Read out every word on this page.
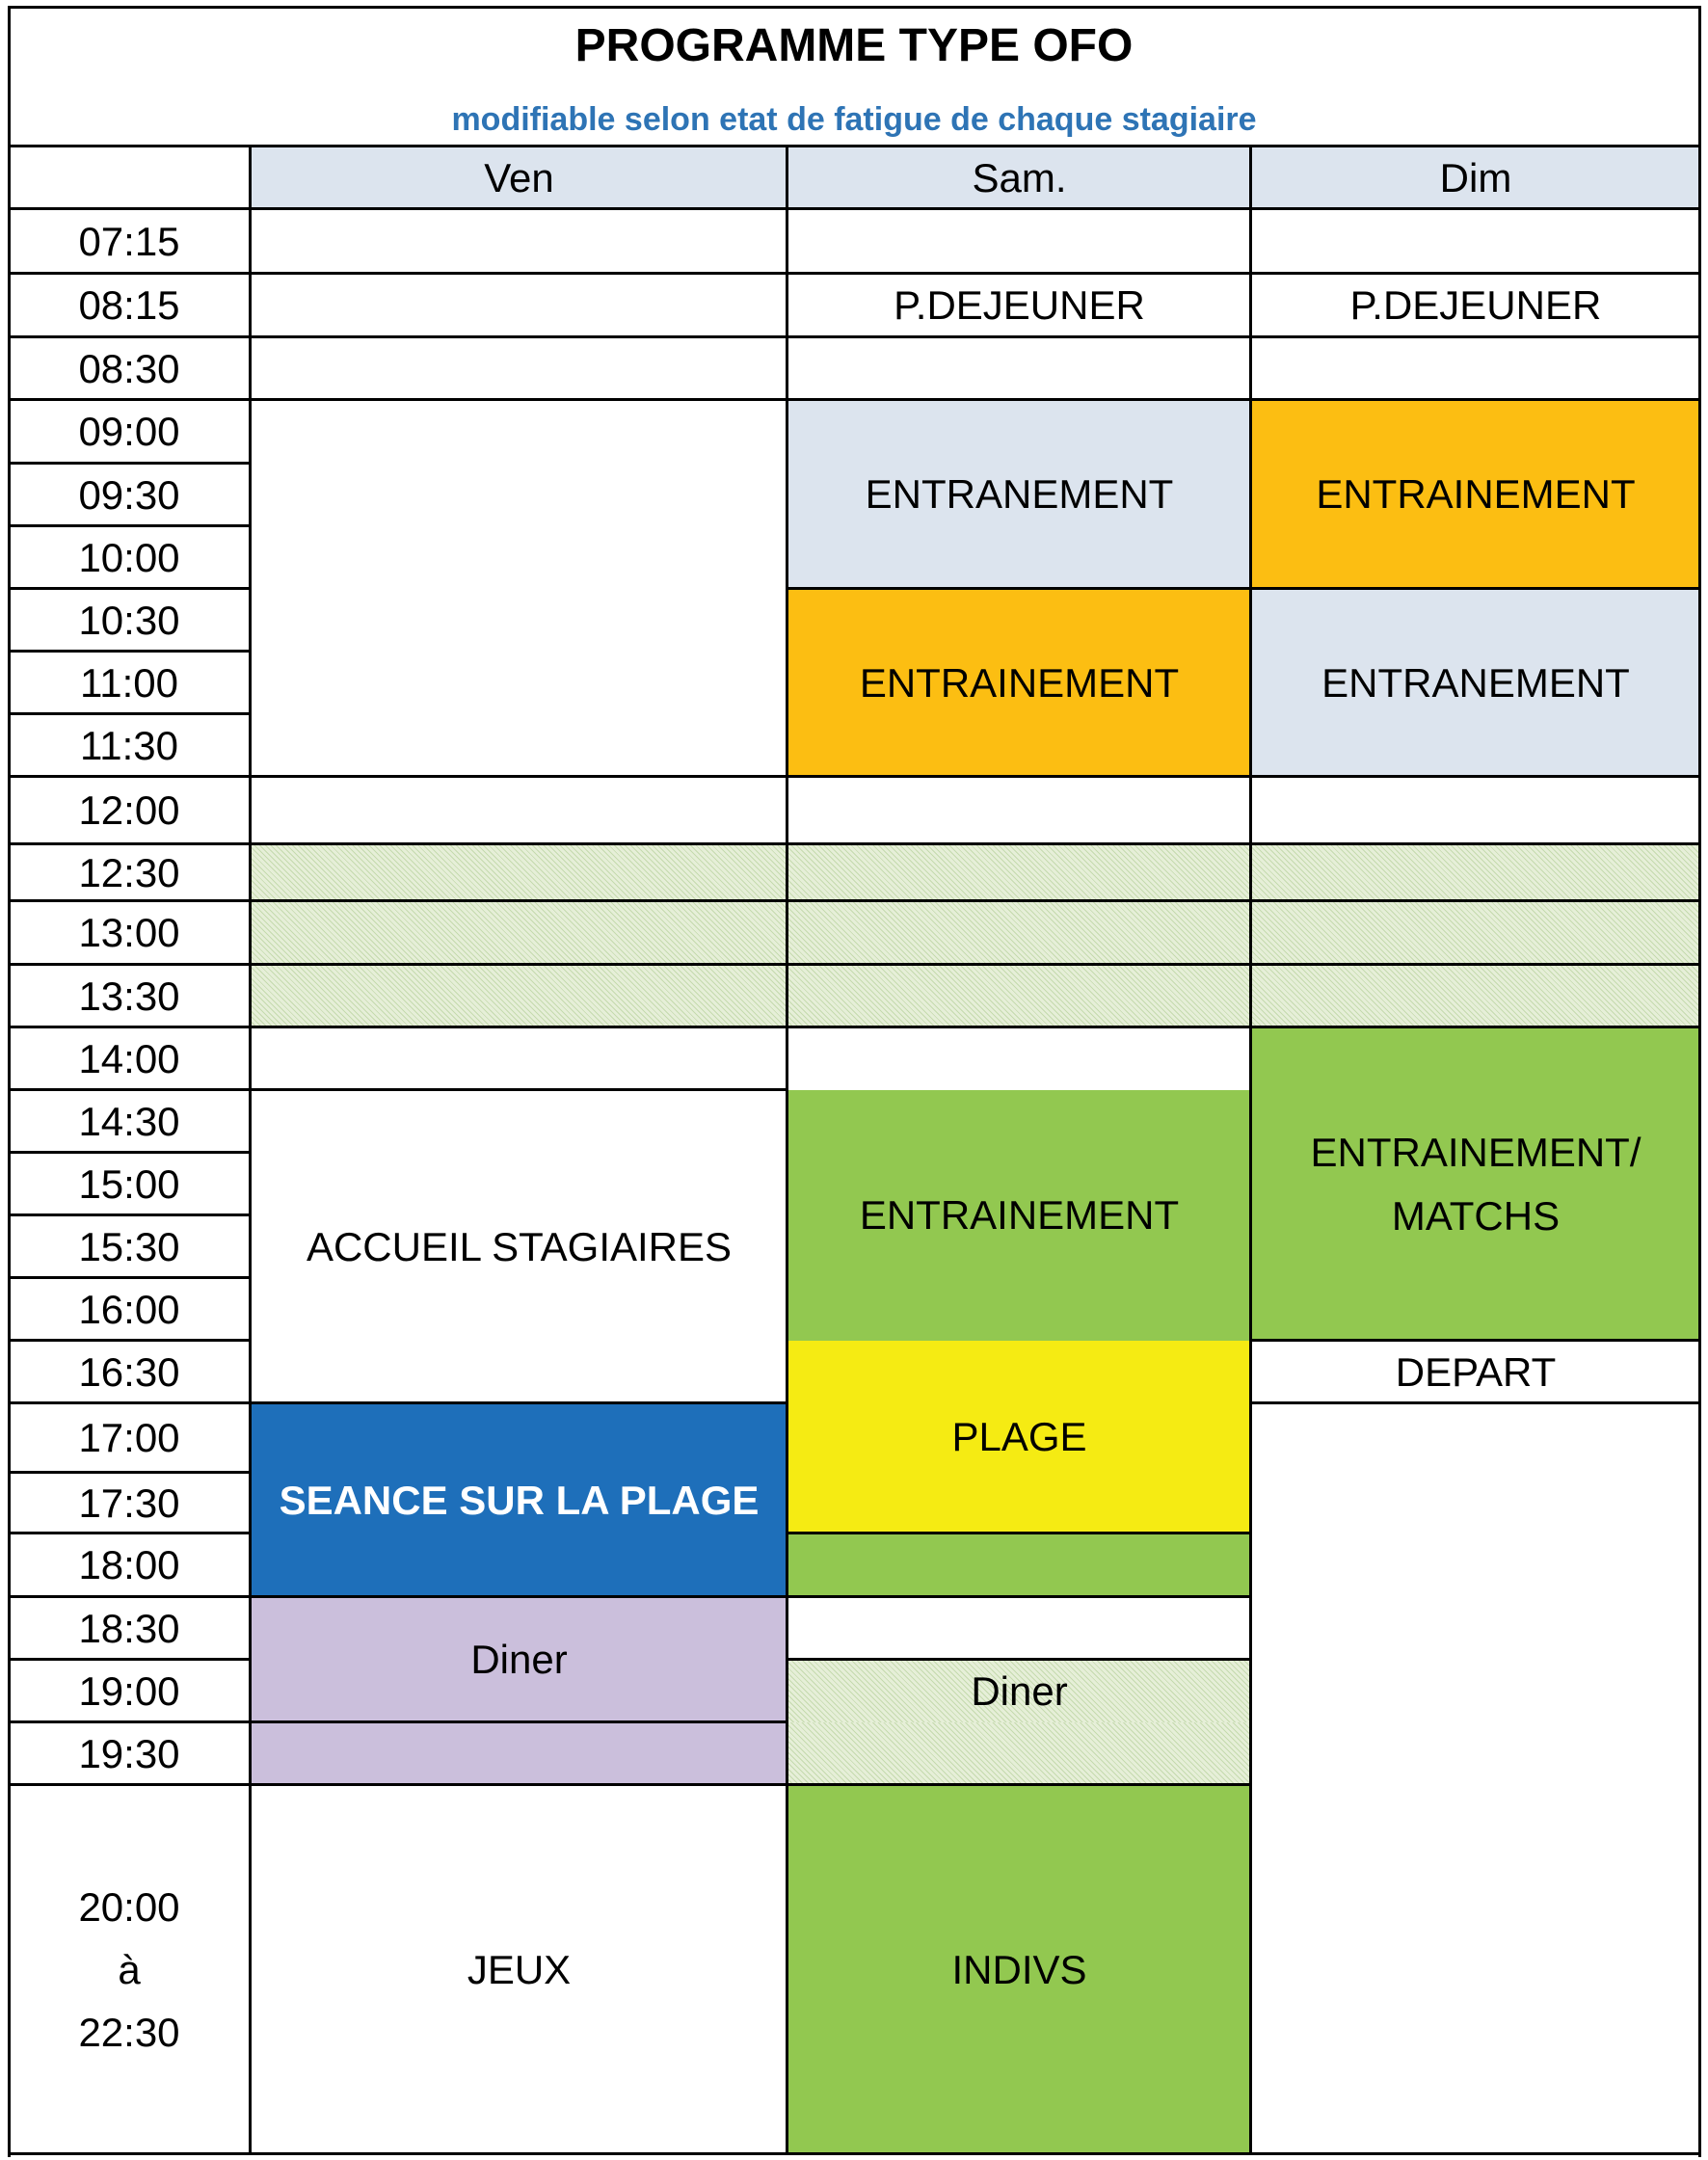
PROGRAMME TYPE OFO
modifiable selon etat de fatigue de chaque stagiaire
Ven	Sam.	Dim
07:15
08:15
08:30
09:00
09:30
10:00
10:30
11:00
11:30
12:00
12:30
13:00
13:30
14:00
14:30
15:00
15:30
16:00
16:30
17:00
17:30
18:00
18:30
19:00
19:30
20:00
à
22:30
ACCUEIL STAGIAIRES
SEANCE SUR LA PLAGE
Diner
JEUX
P.DEJEUNER
ENTRANEMENT
ENTRAINEMENT
ENTRAINEMENT
PLAGE
Diner
INDIVS
P.DEJEUNER
ENTRAINEMENT
ENTRANEMENT
ENTRAINEMENT/
MATCHS
DEPART
